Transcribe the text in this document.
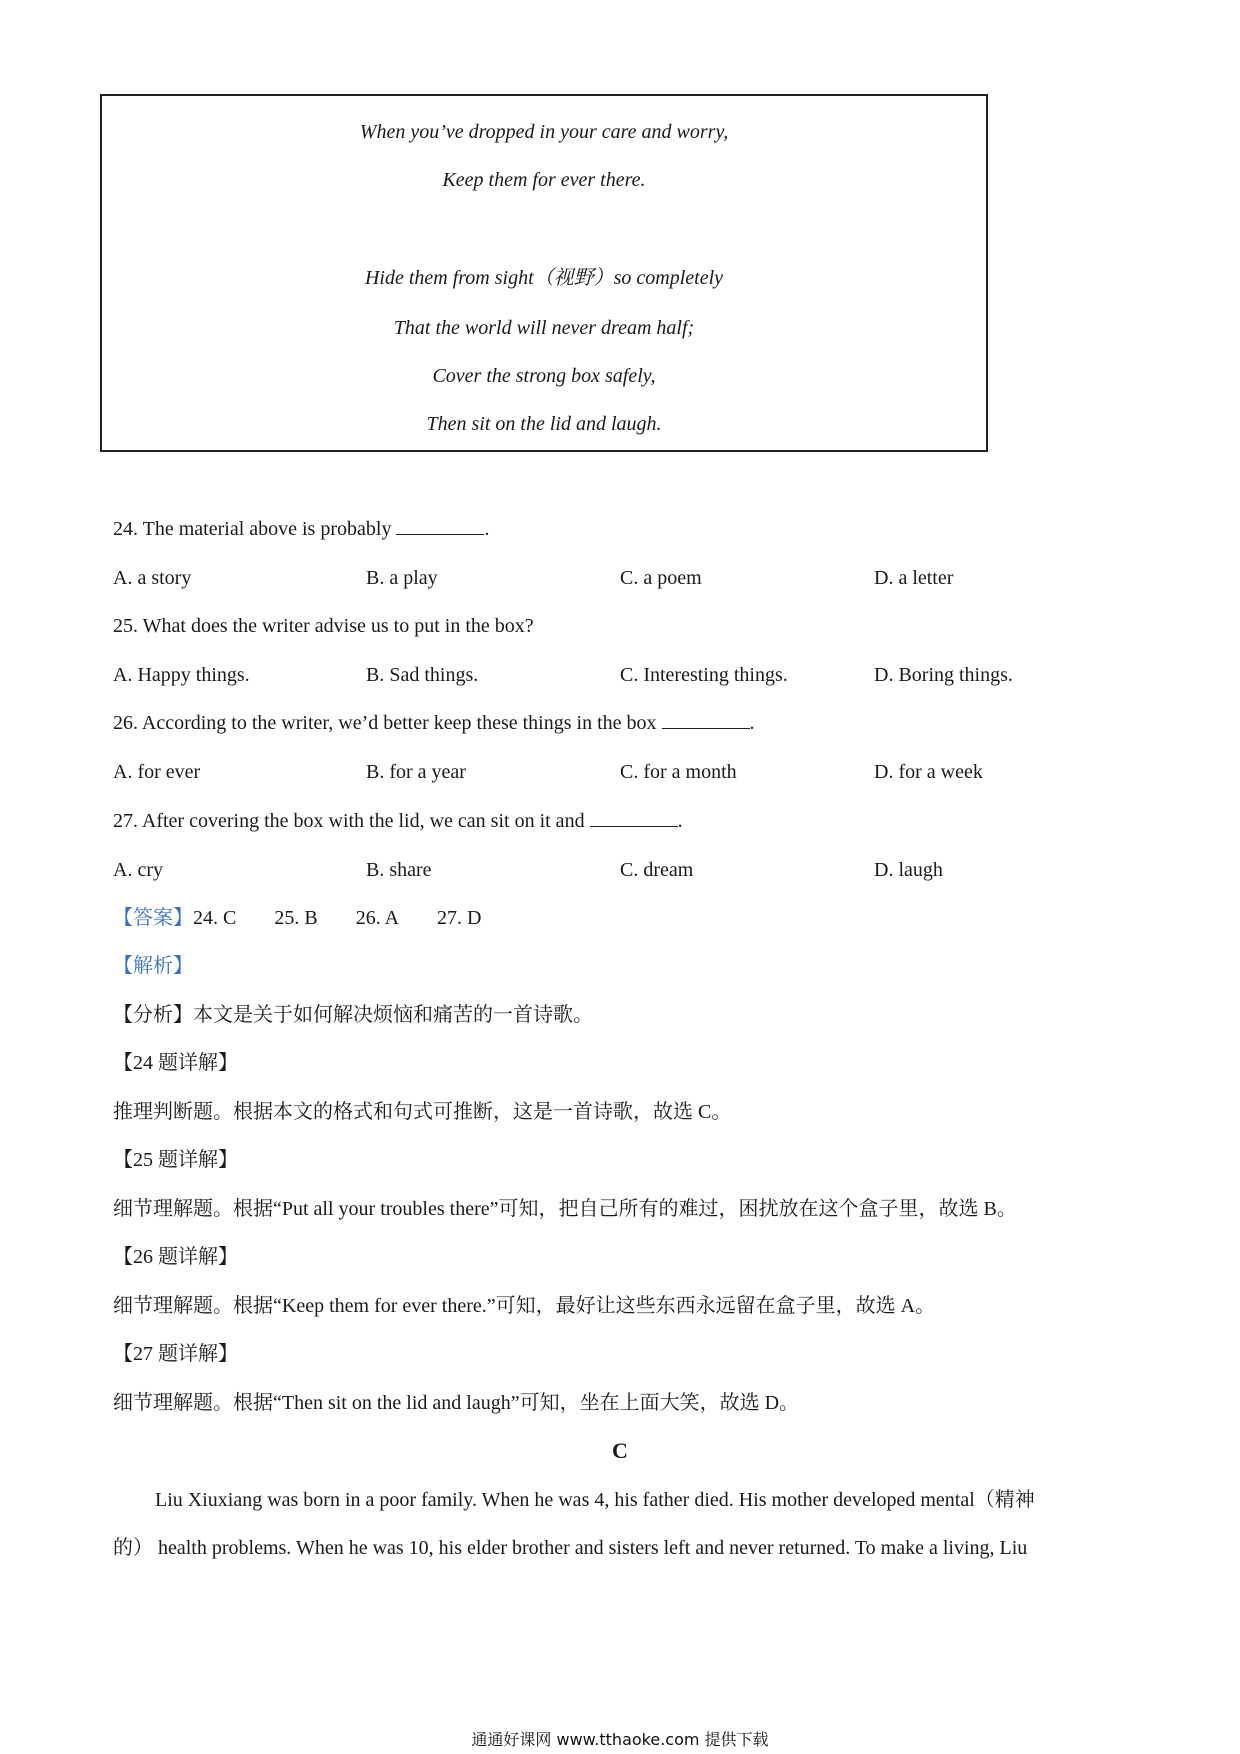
When you’ve dropped in your care and worry,
Keep them for ever there.
Hide them from sight（视野）so completely
That the world will never dream half;
Cover the strong box safely,
Then sit on the lid and laugh.
24. The material above is probably	.
A. a story	B. a play	C. a poem	D. a letter
25. What does the writer advise us to put in the box?
A. Happy things.	B. Sad things.	C. Interesting things.	D. Boring things.
26. According to the writer, we’d better keep these things in the box	.
A. for ever	B. for a year	C. for a month	D. for a week
27. After covering the box with the lid, we can sit on it and	.
A. cry	B. share	C. dream	D. laugh
【答案】24. C 25. B 26. A 27. D
【解析】
【分析】本文是关于如何解决烦恼和痛苦的一首诗歌。
【24 题详解】
推理判断题。根据本文的格式和句式可推断，这是一首诗歌，故选 C。
【25 题详解】
细节理解题。根据“Put all your troubles there”可知，把自己所有的难过，困扰放在这个盒子里，故选 B。
【26 题详解】
细节理解题。根据“Keep them for ever there.”可知，最好让这些东西永远留在盒子里，故选 A。
【27 题详解】
细节理解题。根据“Then sit on the lid and laugh”可知，坐在上面大笑，故选 D。
C
Liu Xiuxiang was born in a poor family. When he was 4, his father died. His mother developed mental（精神
的） health problems. When he was 10, his elder brother and sisters left and never returned. To make a living, Liu
通通好课网 www.tthaoke.com 提供下载
